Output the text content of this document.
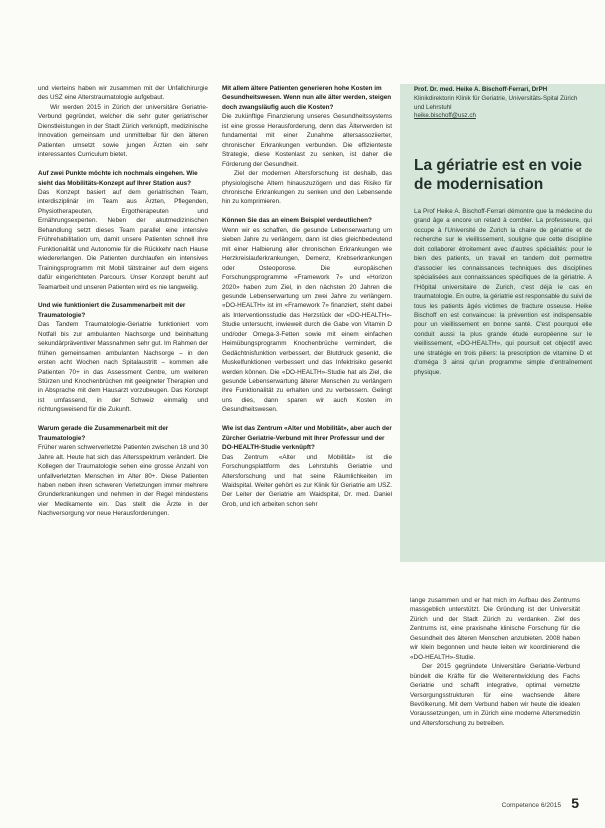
und vierteins haben wir zusammen mit der Unfallchirurgie des USZ eine Alterstraumatologie aufgebaut.

Wir werden 2015 in Zürich der universitäre Geriatrie-Verbund gegründet, welcher die sehr guter geriatrischer Dienstleistungen in der Stadt Zürich verknüpft, medizinische Innovation gemeinsam und unmittelbar für den älteren Patienten umsetzt sowie jungen Ärzten ein sehr interessantes Curriculum bietet.

Auf zwei Punkte möchte ich nochmals eingehen. Wie sieht das Mobilitäts-Konzept auf Ihrer Station aus?

Das Konzept basiert auf dem geriatrischen Team, interdisziplinär im Team aus Ärzten, Pflegenden, Physiotherapeuten, Ergotherapeuten und Ernährungsexperten. Neben der akutmedizinischen Behandlung setzt dieses Team parallel eine intensive Frührehabilitation um, damit unsere Patienten schnell ihre Funktionalität und Autonomie für die Rückkehr nach Hause wiedererlangen. Die Patienten durchlaufen ein intensives Trainingsprogramm mit Mobil tätstrainer auf dem eigens dafür eingerichteten Parcours. Unser Konzept beruht auf Teamarbeit und unseren Patienten wird es nie langweilig.

Und wie funktioniert die Zusammenarbeit mit der Traumatologie?

Das Tandem Traumatologie-Geriatrie funktioniert vom Notfall bis zur ambulanten Nachsorge und beinhaltung sekundärpräventiver Massnahmen sehr gut. Im Rahmen der frühen gemeinsamen ambulanten Nachsorge – in den ersten acht Wochen nach Spitalaustritt – kommen alle Patienten 70+ in das Assessment Centre, um weiteren Stürzen und Knochenbrüchen mit geeigneter Therapien und in Absprache mit dem Hausarzt vorzubeugen. Das Konzept ist umfassend, in der Schweiz einmalig und richtungsweisend für die Zukunft.

Warum gerade die Zusammenarbeit mit der Traumatologie?

Früher waren schwerverletzte Patienten zwischen 18 und 30 Jahre alt. Heute hat sich das Altersspektrum verändert. Die Kollegen der Traumatologie sehen eine grosse Anzahl von unfallverletzten Menschen im Alter 80+. Diese Patienten haben neben ihren schweren Verletzungen immer mehrere Grunderkrankungen und nehmen in der Regel mindestens vier Medikamente ein. Das stellt die Ärzte in der Nachversorgung vor neue Herausforderungen.

Mit allem ältere Patienten generieren hohe Kosten im Gesundheitswesen. Wenn nun alle älter werden, steigen doch zwangsläufig auch die Kosten?

Die zukünftige Finanzierung unseres Gesundheitssystems ist eine grosse Herausforderung, denn das Älterwerden ist fundamental mit einer Zunahme altersassoziierter, chronischer Erkrankungen verbunden. Die effizienteste Strategie, diese Kostenlast zu senken, ist daher die Förderung der Gesundheit.

Ziel der modernen Altersforschung ist deshalb, das physiologische Altern hinauszuzögern und das Risiko für chronische Erkrankungen zu senken und den Lebensende hin zu komprimieren.

Können Sie das an einem Beispiel verdeutlichen?

Wenn wir es schaffen, die gesunde Lebenserwartung um sieben Jahre zu verlängern, dann ist dies gleichbedeutend mit einer Halbierung aller chronischen Erkrankungen wie Herzkreislauferkrankungen, Demenz, Krebserkrankungen oder Osteoporose. Die europäischen Forschungsprogramme «Framework 7» und «Horizon 2020» haben zum Ziel, in den nächsten 20 Jahren die gesunde Lebenserwartung um zwei Jahre zu verlängern. «DO-HEALTH» ist im «Framework 7» finanziert, steht dabei als Interventionsstudie das Herzstück der «DO-HEALTH»-Studie untersucht, inwieweit durch die Gabe von Vitamin D und/oder Omega-3-Fetten sowie mit einem einfachen Heimübungsprogramm Knochenbrüche vermindert, die Gedächtnisfunktion verbessert, der Blutdruck gesenkt, die Muskelfunktionen verbessert und das Infektrisiko gesenkt werden können. Die «DO-HEALTH»-Studie hat als Ziel, die gesunde Lebenserwartung älterer Menschen zu verlängern ihre Funktionalität zu erhalten und zu verbessern. Gelingt uns dies, dann sparen wir auch Kosten im Gesundheitswesen.

Wie ist das Zentrum «Alter und Mobilität», aber auch der Zürcher Geriatrie-Verbund mit Ihrer Professur und der DO-HEALTH-Studie verknüpft?

Das Zentrum «Alter und Mobilität» ist die Forschungsplattform des Lehrstuhls Geriatrie und Altersforschung und hat seine Räumlichkeiten im Waidspital. Weiter gehört es zur Klinik für Geriatrie am USZ. Der Leiter der Geriatrie am Waidspital, Dr. med. Daniel Grob, und ich arbeiten schon sehr

Prof. Dr. med. Heike A. Bischoff-Ferrari, DrPH
Klinikdirektorin Klinik für Geriatrie, Universitäts-Spital Zürich und Lehrstuhl
heike.bischoff@usz.ch
La gériatrie est en voie de modernisation

La Prof Heike A. Bischoff-Ferrari démontre que la médecine du grand âge a encore un retard à combler. La professeure, qui occupe à l'Université de Zurich la chaire de gériatrie et de recherche sur le vieillissement, souligne que cette discipline doit collaborer étroitement avec d'autres spécialités: pour le bien des patients, un travail en tandem doit permettre d'associer les connaissances techniques des disciplines spécialisées aux connaissances spécifiques de la gériatrie. A l'Hôpital universitaire de Zurich, c'est déjà le cas en traumatologie. En outre, la gériatrie est responsable du suivi de tous les patients âgés victimes de fracture osseuse. Heike Bischoff en est convaincue: la prévention est indispensable pour un vieillissement en bonne santé. C'est pourquoi elle conduit aussi la plus grande étude européenne sur le vieillissement, «DO-HEALTH», qui poursuit cet objectif avec une stratégie en trois piliers: la prescription de vitamine D et d'oméga 3 ainsi qu'un programme simple d'entraînement physique.

lange zusammen und er hat mich im Aufbau des Zentrums massgeblich unterstützt. Die Gründung ist der Universität Zürich und der Stadt Zürich zu verdanken. Ziel des Zentrums ist, eine praxisnahe klinische Forschung für die Gesundheit des älteren Menschen anzubieten. 2008 haben wir klein begonnen und heute leiten wir koordinierend die «DO-HEALTH»-Studie.

Der 2015 gegründete Universitäre Geriatrie-Verbund bündelt die Kräfte für die Weiterentwicklung des Fachs Geriatrie und schafft integrative, optimal vernetzte Versorgungsstrukturen für eine wachsende ältere Bevölkerung. Mit dem Verbund haben wir heute die idealen Voraussetzungen, um in Zürich eine moderne Altersmedizin und Altersforschung zu betreiben.

Competence 6/2015 5
